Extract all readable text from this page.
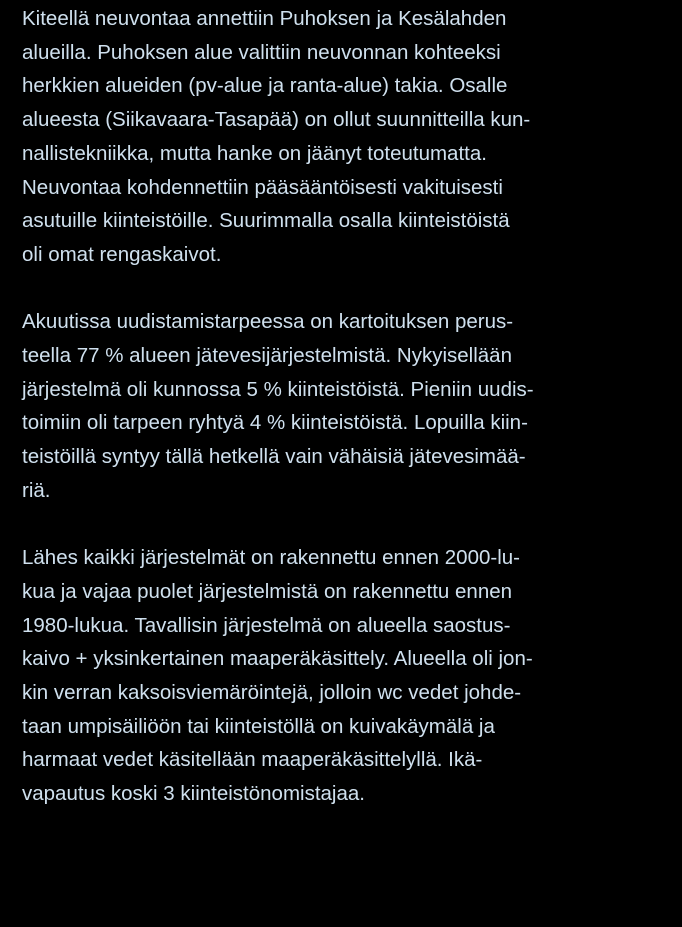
Kiteellä neuvontaa annettiin Puhoksen ja Kesälahden
alueilla. Puhoksen alue valittiin neuvonnan kohteeksi
herkkien alueiden (pv-alue ja ranta-alue) takia. Osalle
alueesta (Siikavaara-Tasapää) on ollut suunnitteilla kun-
nallistekniikka, mutta hanke on jäänyt toteutumatta.
Neuvontaa kohdennettiin pääsääntöisesti vakituisesti
asutuille kiinteistöille. Suurimmalla osalla kiinteistöistä
oli omat rengaskaivot.

Akuutissa uudistamistarpeessa on kartoituksen perus-
teella 77 % alueen jätevesijärjestelmistä. Nykyisellään
järjestelmä oli kunnossa 5 % kiinteistöistä. Pieniin uudis-
toimiin oli tarpeen ryhtyä 4 % kiinteistöistä. Lopuilla kiin-
teistöillä syntyy tällä hetkellä vain vähäisiä jätevesimää-
riä.

Lähes kaikki järjestelmät on rakennettu ennen 2000-lu-
kua ja vajaa puolet järjestelmistä on rakennettu ennen
1980-lukua. Tavallisin järjestelmä on alueella saostus-
kaivo + yksinkertainen maaperäkäsittely. Alueella oli jon-
kin verran kaksoisviemäröintejä, jolloin wc vedet johde-
taan umpisäiliöön tai kiinteistöllä on kuivakäymälä ja
harmaat vedet käsitellään maaperäkäsittelyllä. Ikä-
vapautus koski 3 kiinteistönomistajaa.
